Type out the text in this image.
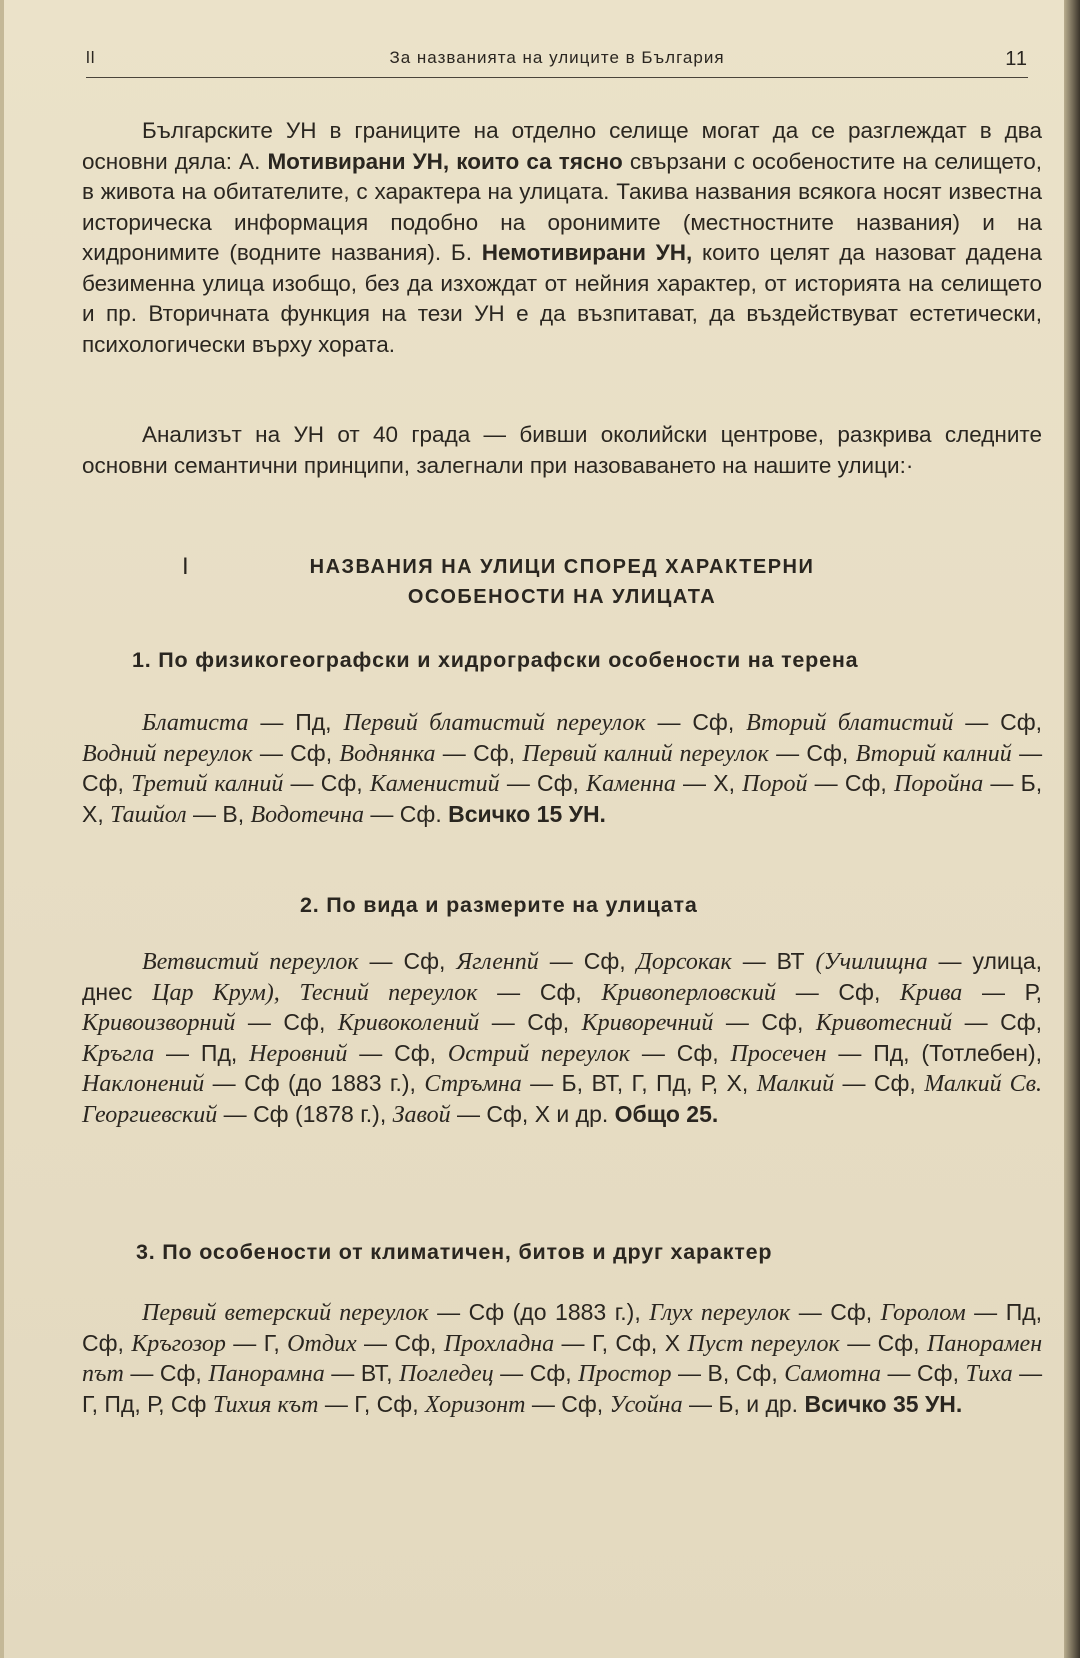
ll	За названията на улиците в България	11
Българските УН в границите на отделно селище могат да се разглеждат в два основни дяла: А. Мотивирани УН, които са тясно свързани с особеностите на селището, в живота на обитателите, с характера на улицата. Такива названия всякога носят известна историческа информация подобно на оронимите (местностните названия) и на хидронимите (водните названия). Б. Немотивирани УН, които целят да назоват дадена безименна улица изобщо, без да изхождат от нейния характер, от историята на селището и пр. Вторичната функция на тези УН е да възпитават, да въздействуват естетически, психологически върху хората.
Анализът на УН от 40 града — бивши околийски центрове, разкрива следните основни семантични принципи, залегнали при назоваването на нашите улици:·
I	НАЗВАНИЯ НА УЛИЦИ СПОРЕД ХАРАКТЕРНИ
ОСОБЕНОСТИ НА УЛИЦАТА
1. По физикогеографски и хидрографски особености на терена
Блатиста — Пд, Первий блатистий переулок — Сф, Вторий блатистий — Сф, Водний переулок — Сф, Воднянка — Сф, Первий калний переулок — Сф, Вторий калний — Сф, Третий калний — Сф, Каменистий — Сф, Каменна — Х, Порой — Сф, Поройна — Б, Х, Ташйол — В, Водотечна — Сф. Всичко 15 УН.
2. По вида и размерите на улицата
Ветвистий переулок — Сф, Ягленпй — Сф, Дорсокак — ВТ (Училищна — улица, днес Цар Крум), Тесний переулок — Сф, Кривоперловский — Сф, Крива — Р, Кривоизворний — Сф, Кривоколений — Сф, Криворечний — Сф, Кривотесний — Сф, Кръгла — Пд, Неровний — Сф, Острий переулок — Сф, Просечен — Пд, (Тотлебен), Наклонений — Сф (до 1883 г.), Стръмна — Б, ВТ, Г, Пд, Р, Х, Малкий — Сф, Малкий Св. Георгиевский — Сф (1878 г.), Завой — Сф, Х и др. Общо 25.
3. По особености от климатичен, битов и друг характер
Первий ветерский переулок — Сф (до 1883 г.), Глух переулок — Сф, Горолом — Пд, Сф, Кръгозор — Г, Отдих — Сф, Прохладна — Г, Сф, Х Пуст переулок — Сф, Панорамен път — Сф, Панорамна — ВТ, Погледец — Сф, Простор — В, Сф, Самотна — Сф, Тиха — Г, Пд, Р, Сф Тихия кът — Г, Сф, Хоризонт — Сф, Усойна — Б, и др. Всичко 35 УН.
